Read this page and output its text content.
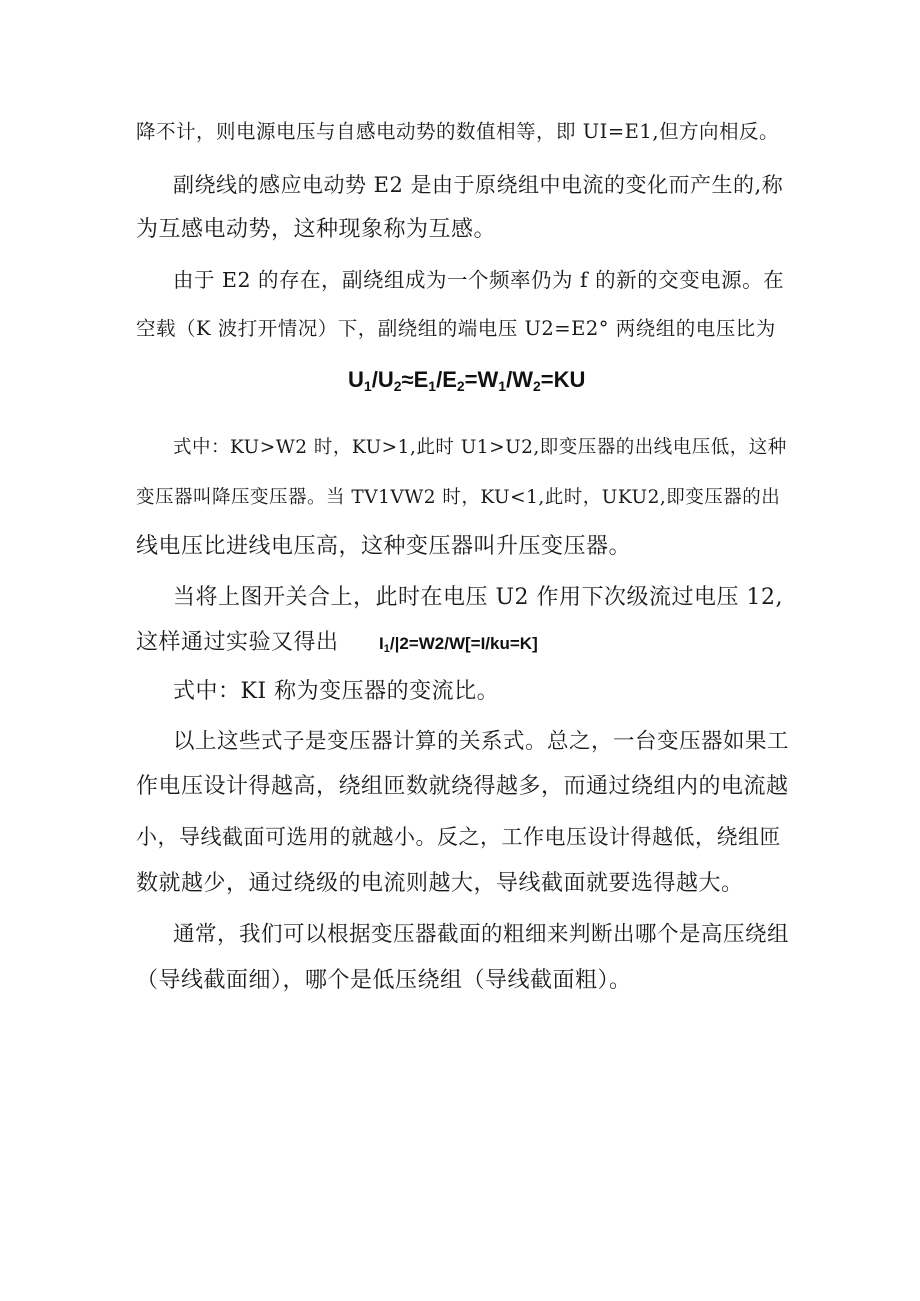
降不计，则电源电压与自感电动势的数值相等，即 UI=E1,但方向相反。
副绕线的感应电动势 E2 是由于原绕组中电流的变化而产生的,称
为互感电动势，这种现象称为互感。
由于 E2 的存在，副绕组成为一个频率仍为 f 的新的交变电源。在
空载（K 波打开情况）下，副绕组的端电压 U2=E2° 两绕组的电压比为
$U_1/U_2\approx E_1/E_2=W_1/W_2=KU$
式中：KU>W2 时，KU>1,此时 U1>U2,即变压器的出线电压低，这种
变压器叫降压变压器。当 TV1VW2 时，KU<1,此时，UKU2,即变压器的出
线电压比进线电压高，这种变压器叫升压变压器。
当将上图开关合上，此时在电压 U2 作用下次级流过电压 12,
这样通过实验又得出 $I_1/|2=W2/W[=I/ku=K]$
式中：KI 称为变压器的变流比。
以上这些式子是变压器计算的关系式。总之，一台变压器如果工
作电压设计得越高，绕组匝数就绕得越多，而通过绕组内的电流越
小，导线截面可选用的就越小。反之，工作电压设计得越低，绕组匝
数就越少，通过绕级的电流则越大，导线截面就要选得越大。
通常，我们可以根据变压器截面的粗细来判断出哪个是高压绕组
（导线截面细），哪个是低压绕组（导线截面粗）。
